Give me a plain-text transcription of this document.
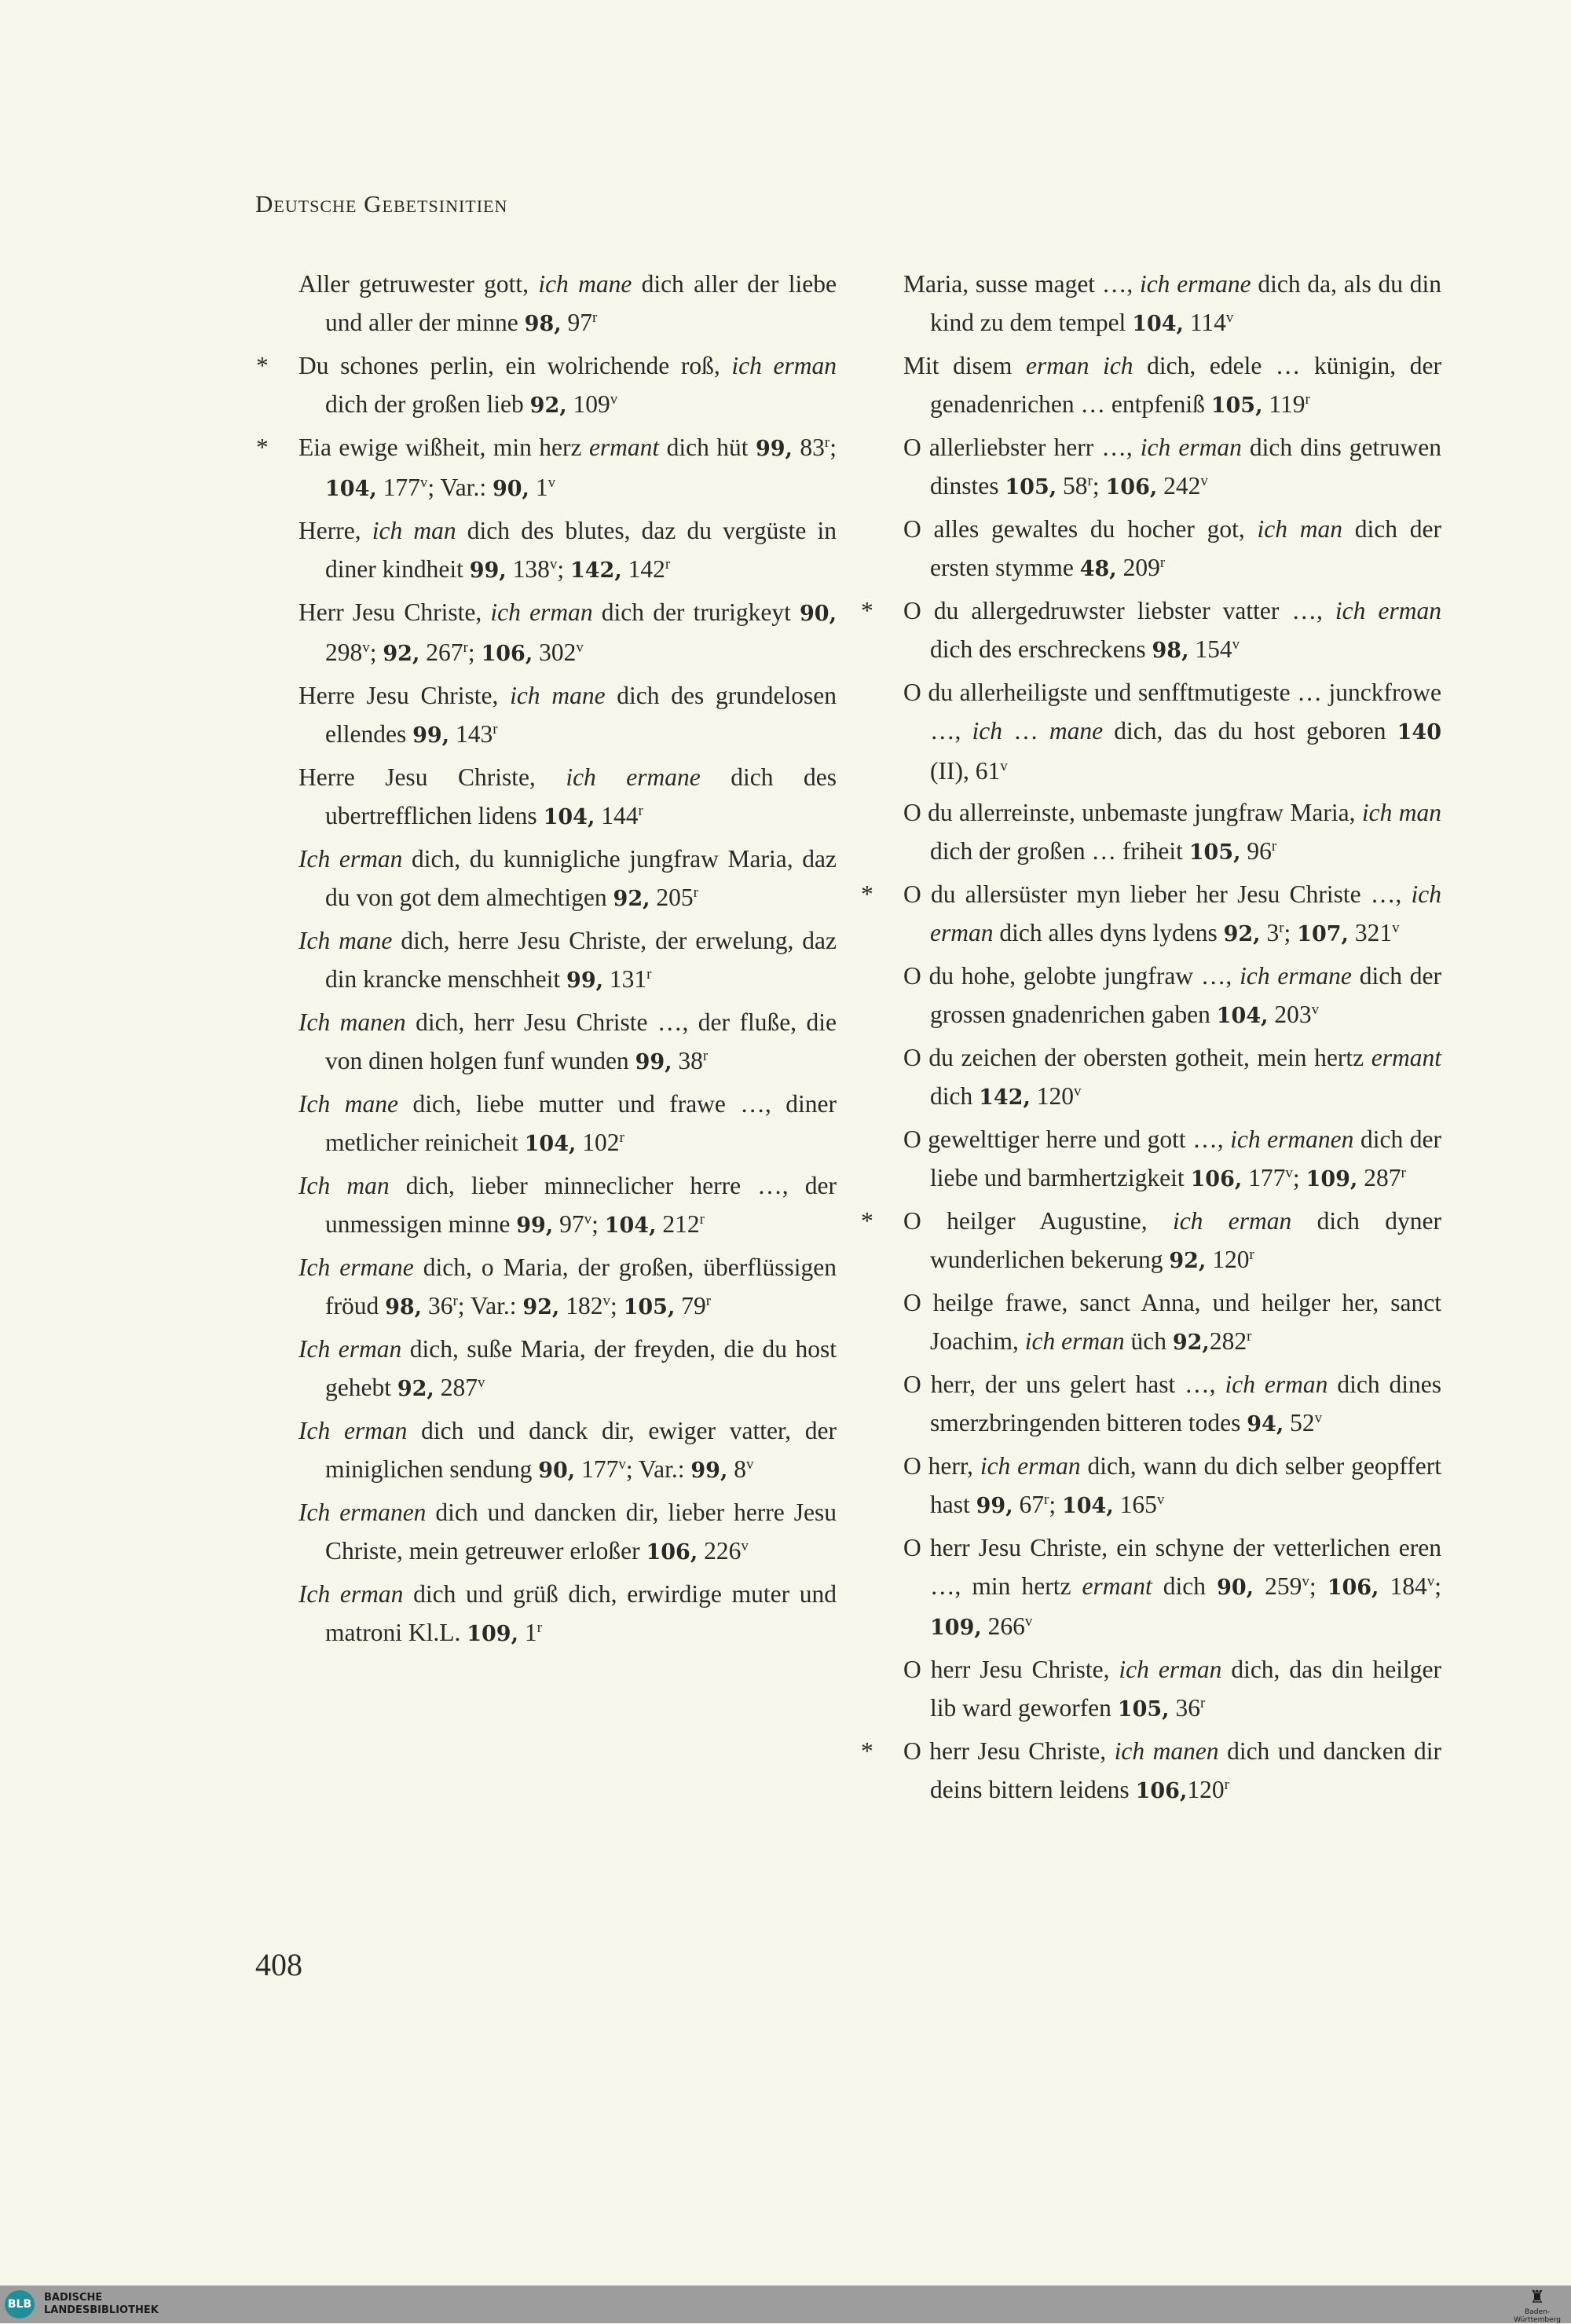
Deutsche Gebetsinitien
Aller getruwester gott, ich mane dich aller der liebe und aller der minne 98, 97$^r$
* Du schones perlin, ein wolrichende roß, ich erman dich der großen lieb 92, 109$^v$
* Eia ewige wißheit, min herz ermant dich hüt 99, 83$^r$; 104, 177$^v$; Var.: 90, 1$^v$
Herre, ich man dich des blutes, daz du vergüste in diner kindheit 99, 138$^v$; 142, 142$^r$
Herr Jesu Christe, ich erman dich der trurigkeyt 90, 298$^v$; 92, 267$^r$; 106, 302$^v$
Herre Jesu Christe, ich mane dich des grundelosen ellendes 99, 143$^r$
Herre Jesu Christe, ich ermane dich des ubertrefflichen lidens 104, 144$^r$
Ich erman dich, du kunnigliche jungfraw Maria, daz du von got dem almechtigen 92, 205$^r$
Ich mane dich, herre Jesu Christe, der erwelung, daz din krancke menschheit 99, 131$^r$
Ich manen dich, herr Jesu Christe …, der fluße, die von dinen holgen funf wunden 99, 38$^r$
Ich mane dich, liebe mutter und frawe …, diner metlicher reinicheit 104, 102$^r$
Ich man dich, lieber minneclicher herre …, der unmessigen minne 99, 97$^v$; 104, 212$^r$
Ich ermane dich, o Maria, der großen, überflüssigen fröud 98, 36$^r$; Var.: 92, 182$^v$; 105, 79$^r$
Ich erman dich, suße Maria, der freyden, die du host gehebt 92, 287$^v$
Ich erman dich und danck dir, ewiger vatter, der miniglichen sendung 90, 177$^v$; Var.: 99, 8$^v$
Ich ermanen dich und dancken dir, lieber herre Jesu Christe, mein getreuwer erloßer 106, 226$^v$
Ich erman dich und grüß dich, erwirdige muter und matroni Kl.L. 109, 1$^r$
Maria, susse maget …, ich ermane dich da, als du din kind zu dem tempel 104, 114$^v$
Mit disem erman ich dich, edele … künigin, der genadenrichen … entpfeniß 105, 119$^r$
O allerliebster herr …, ich erman dich dins getruwen dinstes 105, 58$^r$; 106, 242$^v$
O alles gewaltes du hocher got, ich man dich der ersten stymme 48, 209$^r$
* O du allergedruwster liebster vatter …, ich erman dich des erschreckens 98, 154$^v$
O du allerheiligste und senfftmutigeste … junckfrowe …, ich … mane dich, das du host geboren 140 (II), 61$^v$
O du allerreinste, unbemaste jungfraw Maria, ich man dich der großen … friheit 105, 96$^r$
* O du allersüster myn lieber her Jesu Christe …, ich erman dich alles dyns lydens 92, 3$^r$; 107, 321$^v$
O du hohe, gelobte jungfraw …, ich ermane dich der grossen gnadenrichen gaben 104, 203$^v$
O du zeichen der obersten gotheit, mein hertz ermant dich 142, 120$^v$
O gewelttiger herre und gott …, ich ermanen dich der liebe und barmhertzigkeit 106, 177$^v$; 109, 287$^r$
* O heilger Augustine, ich erman dich dyner wunderlichen bekerung 92, 120$^r$
O heilge frawe, sanct Anna, und heilger her, sanct Joachim, ich erman üch 92,282$^r$
O herr, der uns gelert hast …, ich erman dich dines smerzbringenden bitteren todes 94, 52$^v$
O herr, ich erman dich, wann du dich selber geopffert hast 99, 67$^r$; 104, 165$^v$
O herr Jesu Christe, ein schyne der vetterlichen eren …, min hertz ermant dich 90, 259$^v$; 106, 184$^v$; 109, 266$^v$
O herr Jesu Christe, ich erman dich, das din heilger lib ward geworfen 105, 36$^r$
* O herr Jesu Christe, ich manen dich und dancken dir deins bittern leidens 106,120$^r$
408
BLB
BADISCHE
LANDESBIBLIOTHEK
♜
Baden-Württemberg
